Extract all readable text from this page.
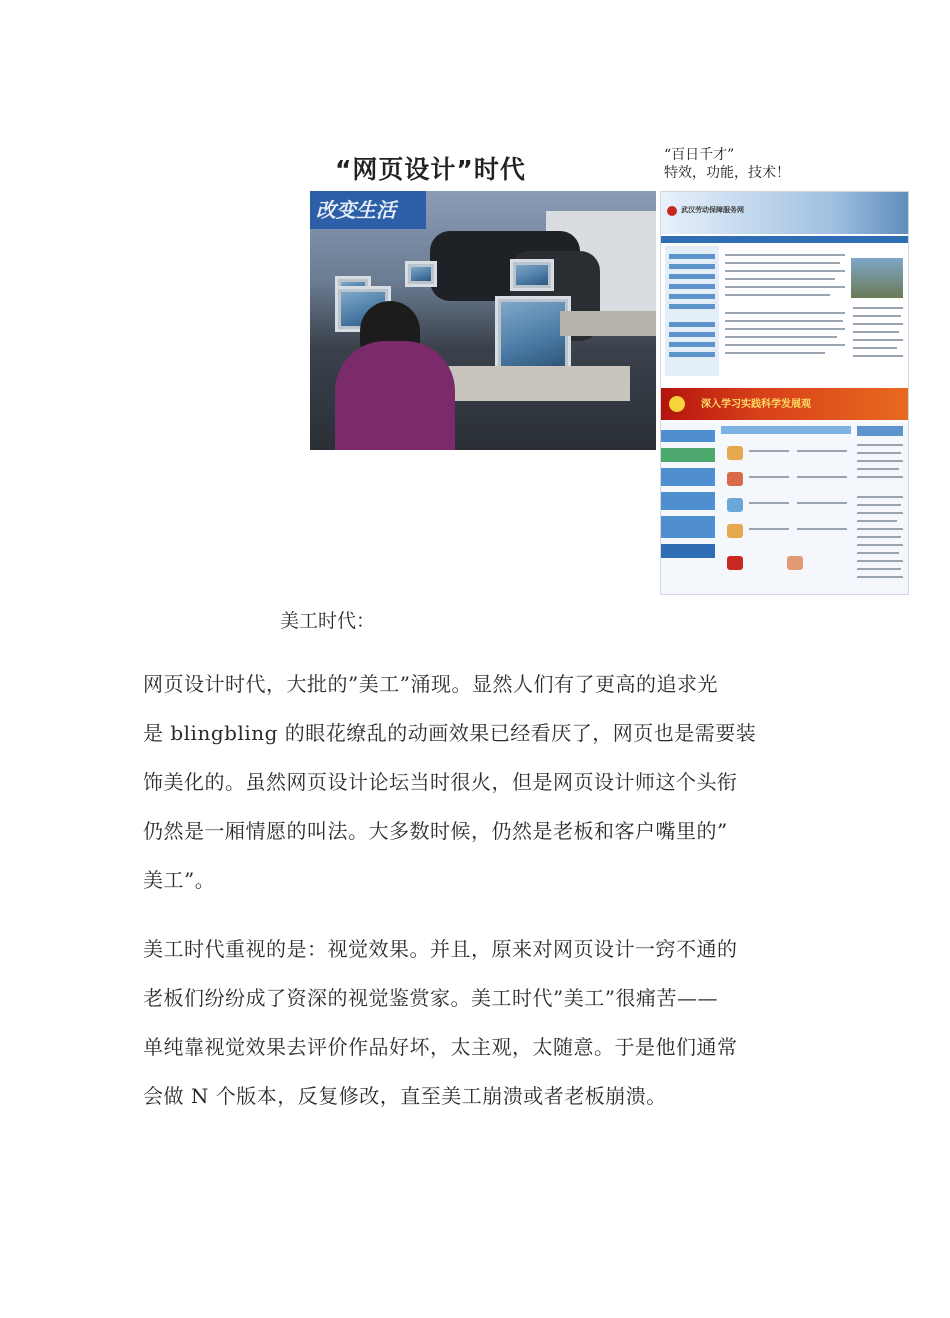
“网页设计”时代	“百日千才”
特效，功能，技术！
改变生活	武汉劳动保障服务网
深入学习实践科学发展观
美工时代：
网页设计时代，大批的”美工”涌现。显然人们有了更高的追求光
是 blingbling 的眼花缭乱的动画效果已经看厌了，网页也是需要装
饰美化的。虽然网页设计论坛当时很火，但是网页设计师这个头衔
仍然是一厢情愿的叫法。大多数时候，仍然是老板和客户嘴里的”
美工”。
美工时代重视的是：视觉效果。并且，原来对网页设计一窍不通的
老板们纷纷成了资深的视觉鉴赏家。美工时代”美工”很痛苦——
单纯靠视觉效果去评价作品好坏，太主观，太随意。于是他们通常
会做 N 个版本，反复修改，直至美工崩溃或者老板崩溃。
